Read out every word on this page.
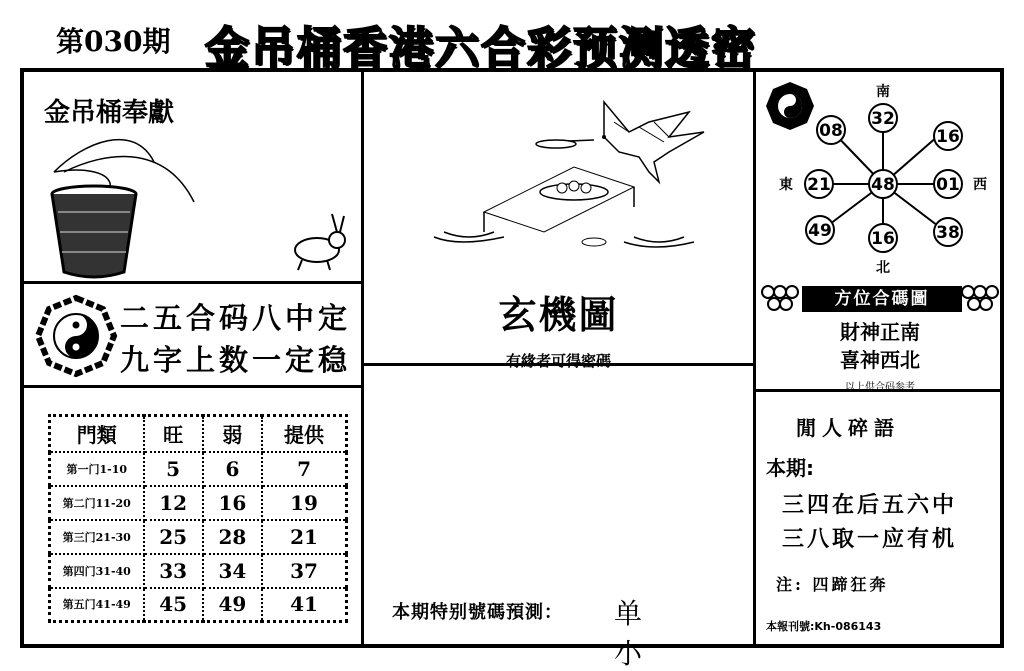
第030期 金吊桶香港六合彩预测透密
金吊桶奉獻
二五合码八中定
九字上数一定稳
門類	旺	弱	提供
第一门1-10	5	6	7
第二门11-20	12	16	19
第三门21-30	25	28	21
第四门31-40	33	34	37
第五门41-49	45	49	41
玄機圖
有緣者可得密碼
本期特别號碼預測： 单 小
32
08	16
21 48 01
49 16 38
南
東	西
北
方位合碼圖
財神正南
喜神西北
以上供合码参考
閒人碎語
本期:
三四在后五六中
三八取一应有机
注: 四蹄狂奔
本報刊號:Kh-086143
